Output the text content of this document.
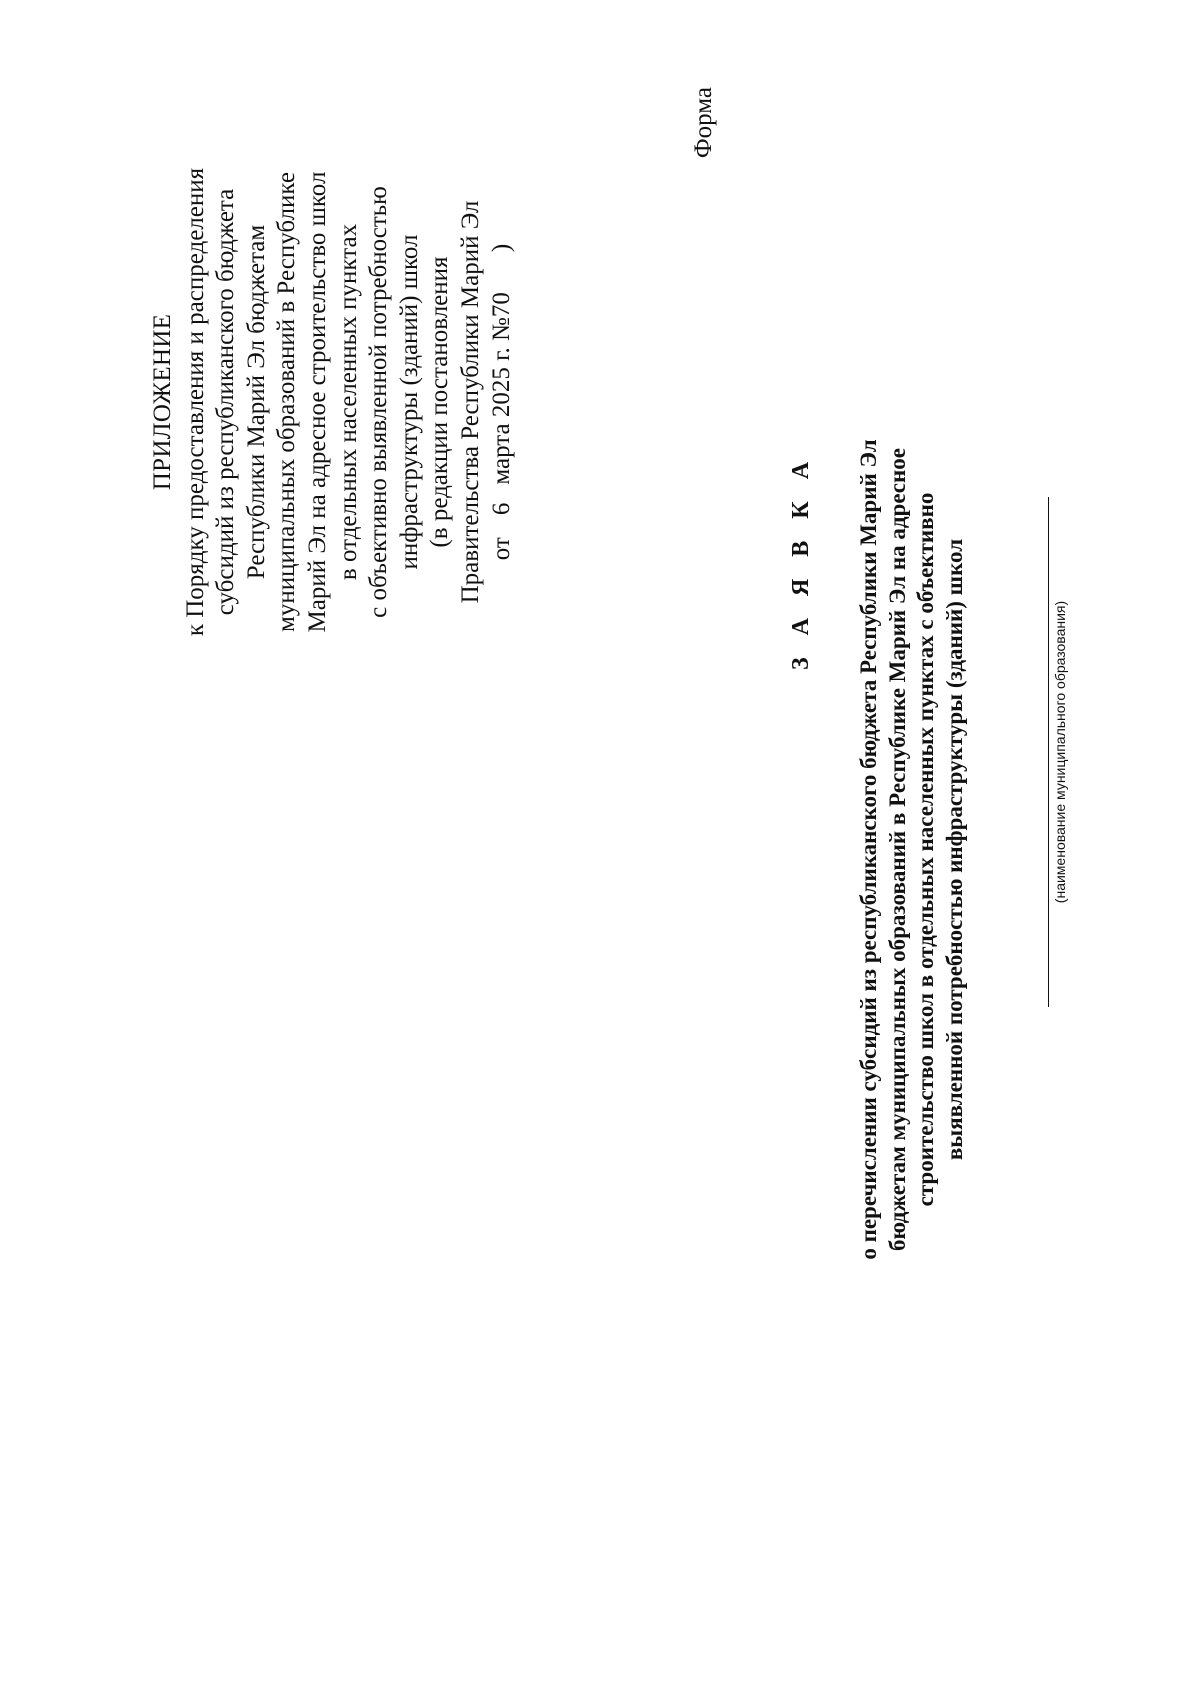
ПРИЛОЖЕНИЕ к Порядку предоставления и распределения субсидий из республиканского бюджета Республики Марий Эл бюджетам муниципальных образований в Республике Марий Эл на адресное строительство школ в отдельных населенных пунктах с объективно выявленной потребностью инфраструктуры (зданий) школ (в редакции постановления Правительства Республики Марий Эл от6марта 2025 г. №70)
Форма
З А Я В К А о перечислении субсидий из республиканского бюджета Республики Марий Эл бюджетам муниципальных образований в Республике Марий Эл на адресное строительство школ в отдельных населенных пунктах с объективно выявленной потребностью инфраструктуры (зданий) школ	(наименование муниципального образования)
